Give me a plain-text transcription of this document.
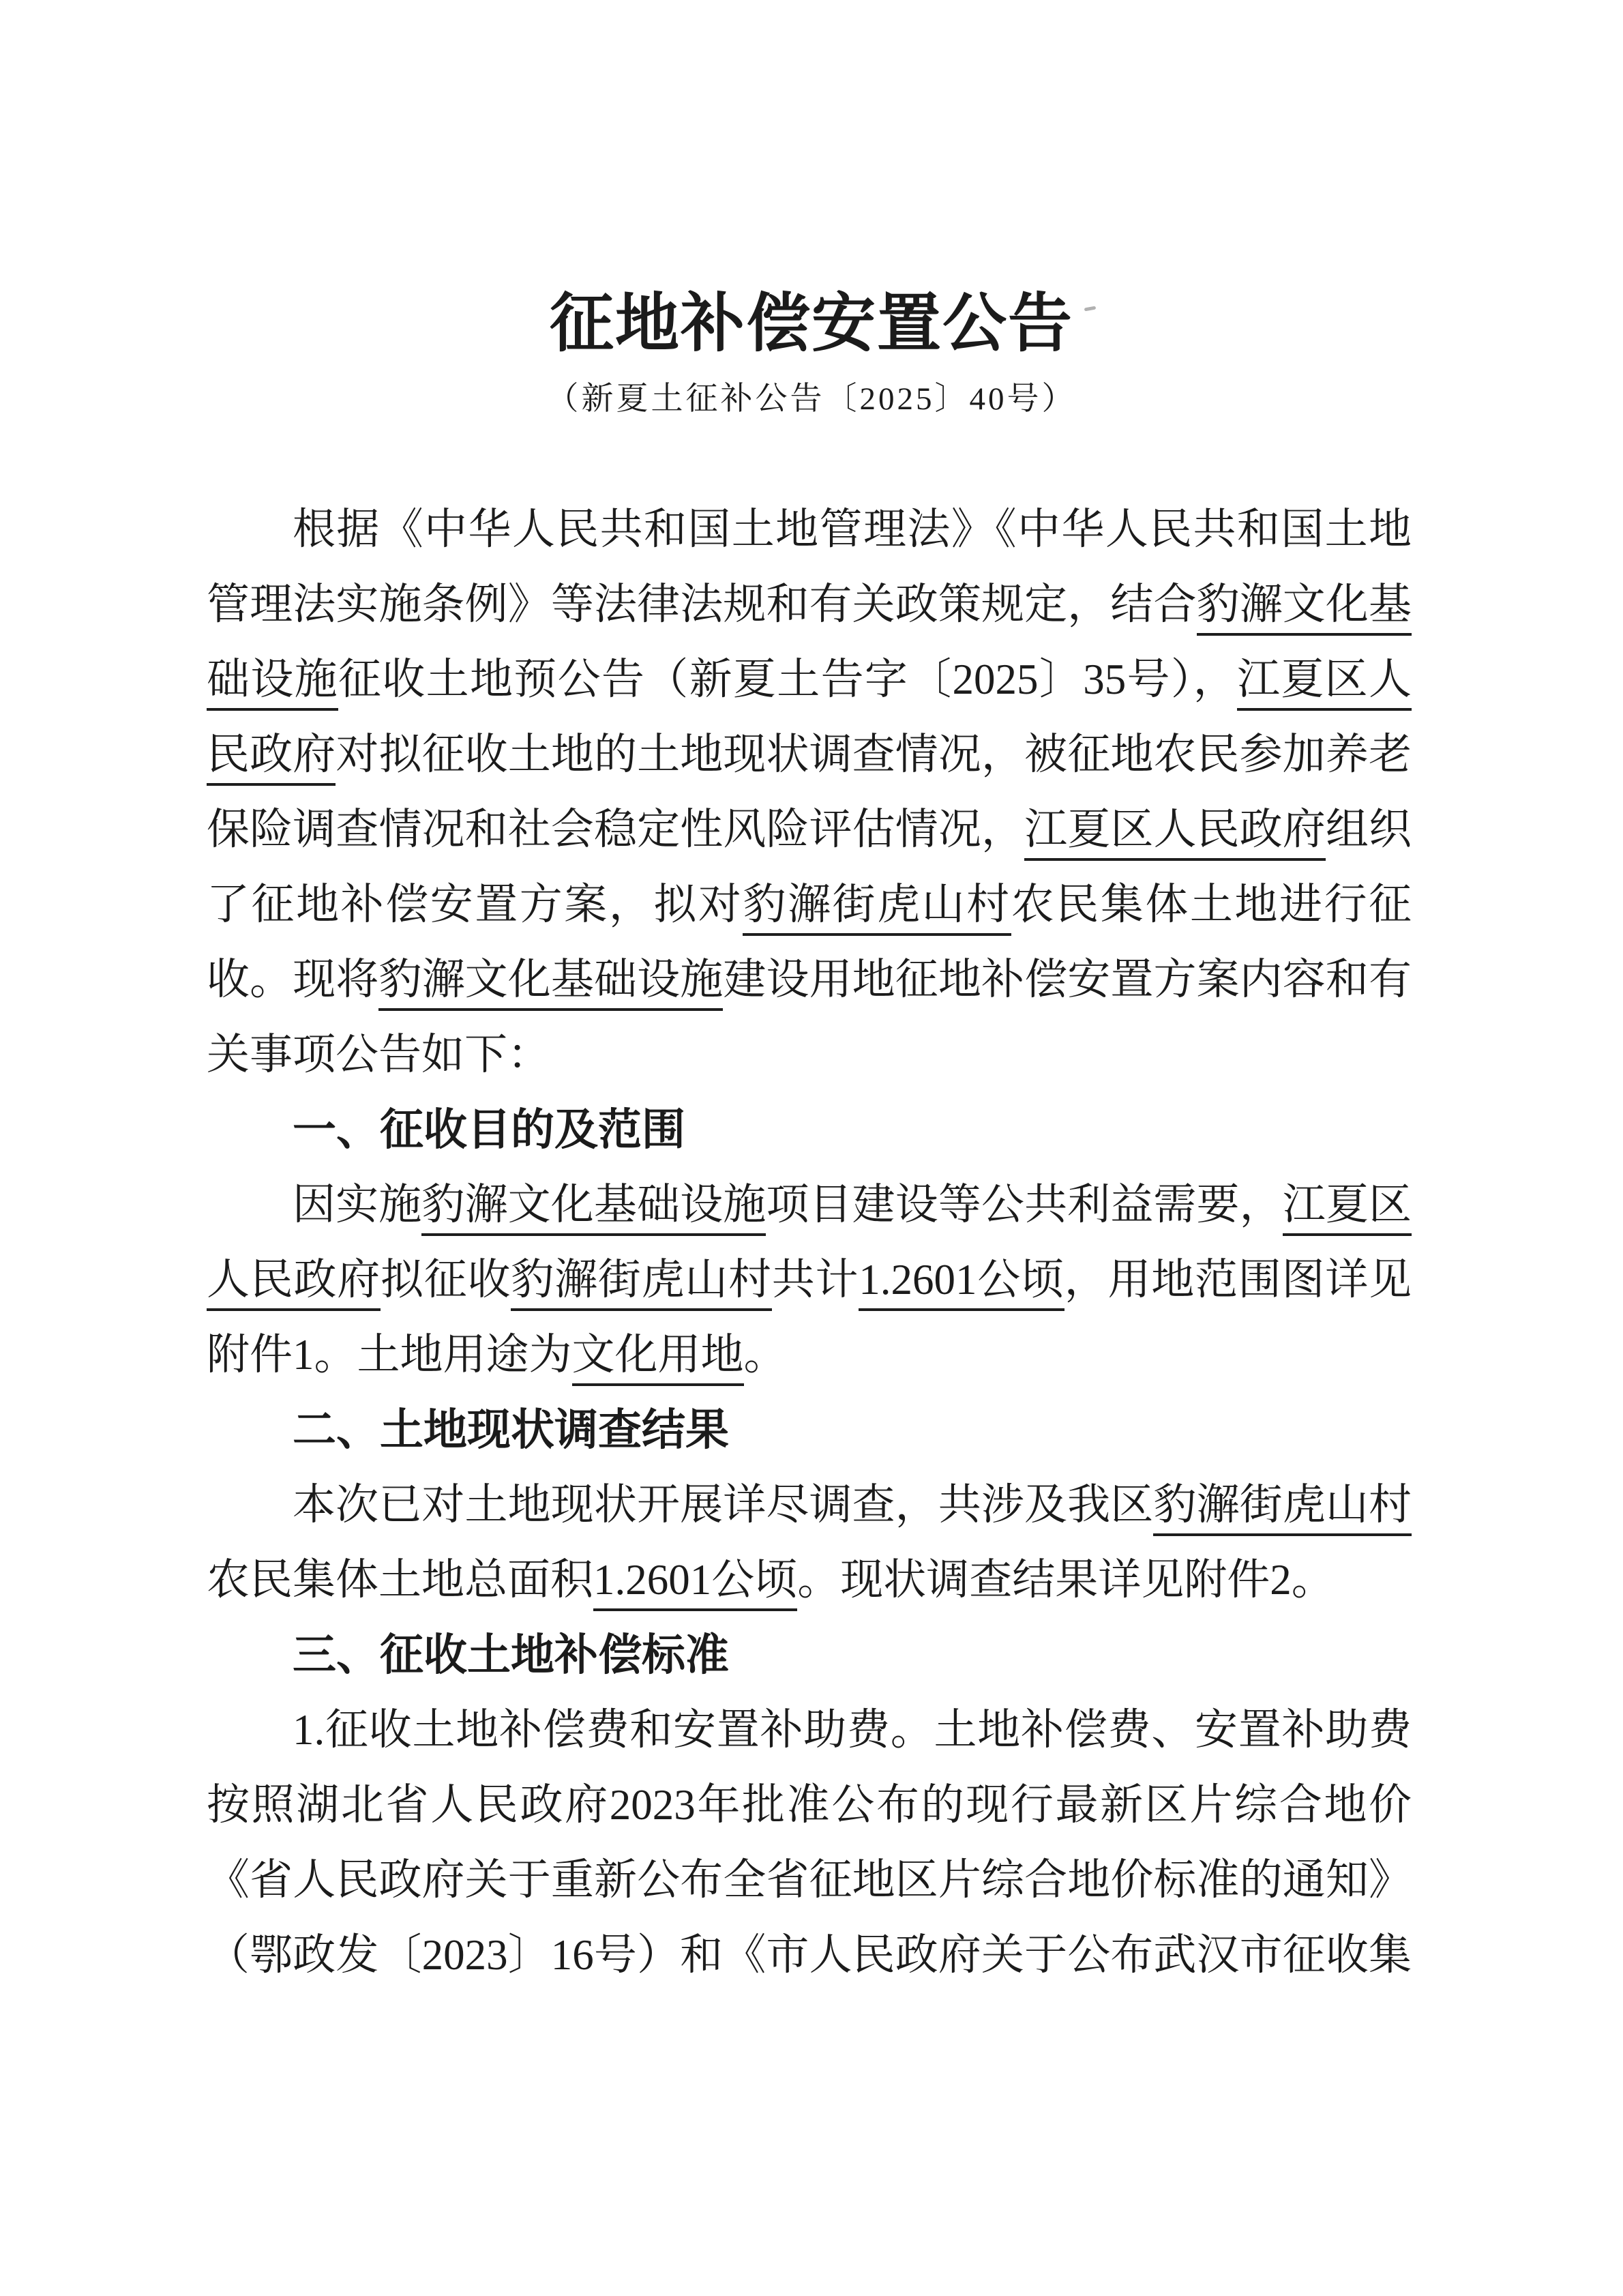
征地补偿安置公告
（新夏土征补公告〔2025〕40号）
根据《中华人民共和国土地管理法》《中华人民共和国土地
管理法实施条例》等法律法规和有关政策规定，结合豹澥文化基
础设施征收土地预公告（新夏土告字〔2025〕35号），江夏区人
民政府对拟征收土地的土地现状调查情况，被征地农民参加养老
保险调查情况和社会稳定性风险评估情况，江夏区人民政府组织
了征地补偿安置方案，拟对豹澥街虎山村农民集体土地进行征
收。现将豹澥文化基础设施建设用地征地补偿安置方案内容和有
关事项公告如下：
一、征收目的及范围
因实施豹澥文化基础设施项目建设等公共利益需要，江夏区
人民政府拟征收豹澥街虎山村共计1.2601公顷，用地范围图详见
附件1。土地用途为文化用地。
二、土地现状调查结果
本次已对土地现状开展详尽调查，共涉及我区豹澥街虎山村
农民集体土地总面积1.2601公顷。现状调查结果详见附件2。
三、征收土地补偿标准
1.征收土地补偿费和安置补助费。土地补偿费、安置补助费
按照湖北省人民政府2023年批准公布的现行最新区片综合地价
《省人民政府关于重新公布全省征地区片综合地价标准的通知》
（鄂政发〔2023〕16号）和《市人民政府关于公布武汉市征收集
